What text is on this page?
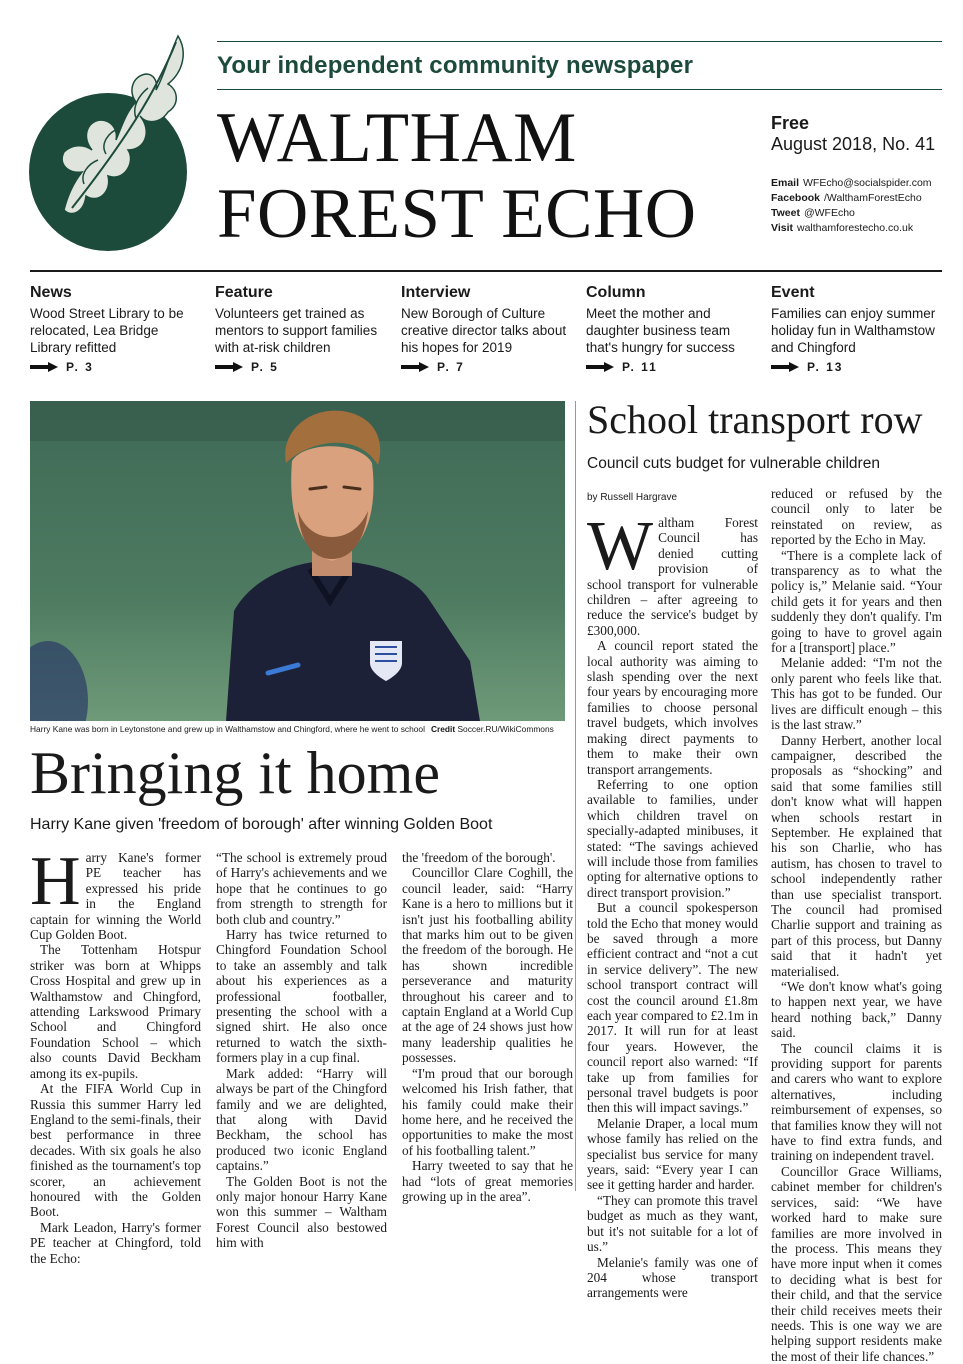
Your independent community newspaper
WALTHAM
FOREST ECHO
Free
August 2018, No. 41
Email WFEcho@socialspider.com
Facebook /WalthamForestEcho
Tweet @WFEcho
Visit walthamforestecho.co.uk
News
Wood Street Library to be relocated, Lea Bridge Library refitted
P. 3
Feature
Volunteers get trained as mentors to support families with at-risk children
P. 5
Interview
New Borough of Culture creative director talks about his hopes for 2019
P. 7
Column
Meet the mother and daughter business team that's hungry for success
P. 11
Event
Families can enjoy summer holiday fun in Walthamstow and Chingford
P. 13
Harry Kane was born in Leytonstone and grew up in Walthamstow and Chingford, where he went to school Credit Soccer.RU/WikiCommons
Bringing it home
Harry Kane given 'freedom of borough' after winning Golden Boot

Harry Kane's former PE teacher has expressed his pride in the England captain for winning the World Cup Golden Boot.

The Tottenham Hotspur striker was born at Whipps Cross Hospital and grew up in Walthamstow and Chingford, attending Larkswood Primary School and Chingford Foundation School – which also counts David Beckham among its ex-pupils.

At the FIFA World Cup in Russia this summer Harry led England to the semi-finals, their best performance in three decades. With six goals he also finished as the tournament's top scorer, an achievement honoured with the Golden Boot.

Mark Leadon, Harry's former PE teacher at Chingford, told the Echo:

“The school is extremely proud of Harry's achievements and we hope that he continues to go from strength to strength for both club and country.”

Harry has twice returned to Chingford Foundation School to take an assembly and talk about his experiences as a professional footballer, presenting the school with a signed shirt. He also once returned to watch the sixth-formers play in a cup final.

Mark added: “Harry will always be part of the Chingford family and we are delighted, that along with David Beckham, the school has produced two iconic England captains.”

The Golden Boot is not the only major honour Harry Kane won this summer – Waltham Forest Council also bestowed him with

the 'freedom of the borough'.

Councillor Clare Coghill, the council leader, said: “Harry Kane is a hero to millions but it isn't just his footballing ability that marks him out to be given the freedom of the borough. He has shown incredible perseverance and maturity throughout his career and to captain England at a World Cup at the age of 24 shows just how many leadership qualities he possesses.

“I'm proud that our borough welcomed his Irish father, that his family could make their home here, and he received the opportunities to make the most of his footballing talent.”

Harry tweeted to say that he had “lots of great memories growing up in the area”.

School transport row
Council cuts budget for vulnerable children
by Russell Hargrave

Waltham Forest Council has denied cutting provision of school transport for vulnerable children – after agreeing to reduce the service's budget by £300,000.

A council report stated the local authority was aiming to slash spending over the next four years by encouraging more families to choose personal travel budgets, which involves making direct payments to them to make their own transport arrangements.

Referring to one option available to families, under which children travel on specially-adapted minibuses, it stated: “The savings achieved will include those from families opting for alternative options to direct transport provision.”

But a council spokesperson told the Echo that money would be saved through a more efficient contract and “not a cut in service delivery”. The new school transport contract will cost the council around £1.8m each year compared to £2.1m in 2017. It will run for at least four years. However, the council report also warned: “If take up from families for personal travel budgets is poor then this will impact savings.”

Melanie Draper, a local mum whose family has relied on the specialist bus service for many years, said: “Every year I can see it getting harder and harder.

“They can promote this travel budget as much as they want, but it's not suitable for a lot of us.”

Melanie's family was one of 204 whose transport arrangements were

reduced or refused by the council only to later be reinstated on review, as reported by the Echo in May.

“There is a complete lack of transparency as to what the policy is,” Melanie said. “Your child gets it for years and then suddenly they don't qualify. I'm going to have to grovel again for a [transport] place.”

Melanie added: “I'm not the only parent who feels like that. This has got to be funded. Our lives are difficult enough – this is the last straw.”

Danny Herbert, another local campaigner, described the proposals as “shocking” and said that some families still don't know what will happen when schools restart in September. He explained that his son Charlie, who has autism, has chosen to travel to school independently rather than use specialist transport. The council had promised Charlie support and training as part of this process, but Danny said that it hadn't yet materialised.

“We don't know what's going to happen next year, we have heard nothing back,” Danny said.

The council claims it is providing support for parents and carers who want to explore alternatives, including reimbursement of expenses, so that families know they will not have to find extra funds, and training on independent travel.

Councillor Grace Williams, cabinet member for children's services, said: “We have worked hard to make sure families are more involved in the process. This means they have more input when it comes to deciding what is best for their child, and that the service their child receives meets their needs. This is one way we are helping support residents make the most of their life chances.”
